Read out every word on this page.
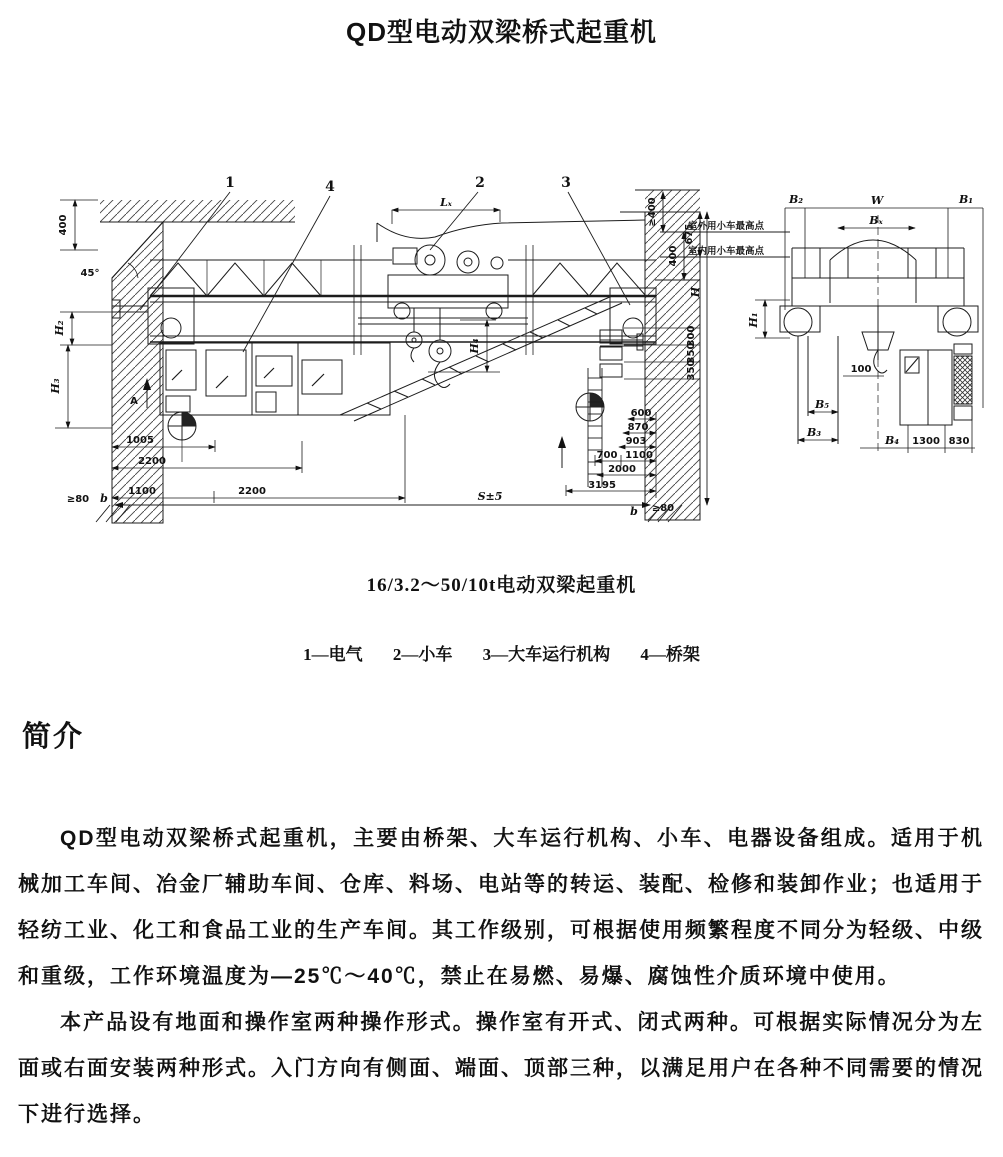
QD型电动双梁桥式起重机
1	4	2	3
400
45°
H₂
H₃
A
1005
2200
1100	2200
≥80 b	S±5
b ≥80
Lₓ
H₄
≥400
675
400
H
300
350
350
600
870
903
700 1100
2000
3195
室外用小车最高点
室内用小车最高点
B₂	W	B₁
Bₓ
H₁
100
B₅
B₃
B₄ 1300 830
16/3.2～50/10t电动双梁起重机
1—电气 2—小车 3—大车运行机构 4—桥架
简介

QD型电动双梁桥式起重机，主要由桥架、大车运行机构、小车、电器设备组成。适用于机械加工车间、冶金厂辅助车间、仓库、料场、电站等的转运、装配、检修和装卸作业；也适用于轻纺工业、化工和食品工业的生产车间。其工作级别，可根据使用频繁程度不同分为轻级、中级和重级，工作环境温度为—25℃～40℃，禁止在易燃、易爆、腐蚀性介质环境中使用。

本产品设有地面和操作室两种操作形式。操作室有开式、闭式两种。可根据实际情况分为左面或右面安装两种形式。入门方向有侧面、端面、顶部三种，以满足用户在各种不同需要的情况下进行选择。
